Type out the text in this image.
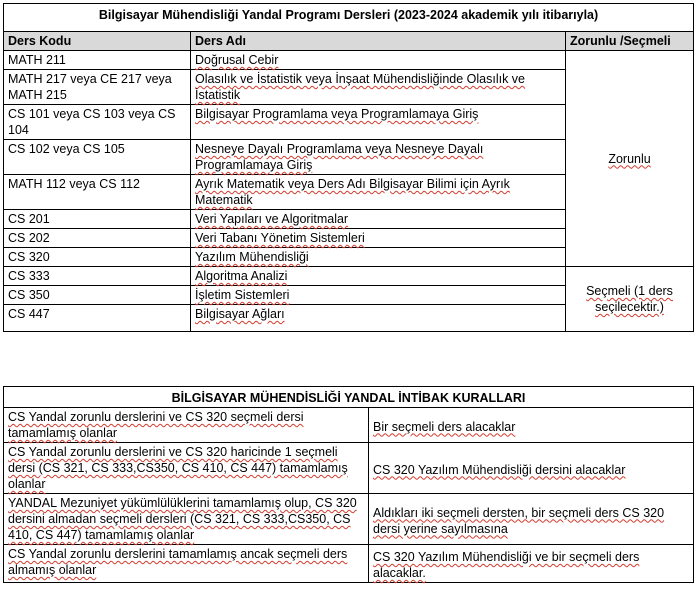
Bilgisayar Mühendisliği Yandal Programı Dersleri (2023-2024 akademik yılı itibarıyla)		
Ders Kodu	Ders Adı	Zorunlu /Seçmeli
MATH 211	Doğrusal Cebir	Zorunlu
MATH 217 veya CE 217 veya MATH 215	Olasılık ve İstatistik veya İnşaat Mühendisliğinde Olasılık ve İstatistik	
CS 101 veya CS 103 veya CS 104	Bilgisayar Programlama veya Programlamaya Giriş	
CS 102 veya CS 105	Nesneye Dayalı Programlama veya Nesneye Dayalı Programlamaya Giriş	
MATH 112 veya CS 112	Ayrık Matematik veya Ders Adı Bilgisayar Bilimi için Ayrık Matematik	
CS 201	Veri Yapıları ve Algoritmalar	
CS 202	Veri Tabanı Yönetim Sistemleri	
CS 320	Yazılım Mühendisliği	
CS 333	Algoritma Analizi	Seçmeli (1 ders seçilecektir.)
CS 350	İşletim Sistemleri	
CS 447	Bilgisayar Ağları	
BİLGİSAYAR MÜHENDİSLİĞİ YANDAL İNTİBAK KURALLARI	
CS Yandal zorunlu derslerini ve CS 320 seçmeli dersi tamamlamış olanlar	Bir seçmeli ders alacaklar
CS Yandal zorunlu derslerini ve CS 320 haricinde 1 seçmeli dersi (CS 321, CS 333,CS350, CS 410, CS 447) tamamlamış olanlar	CS 320 Yazılım Mühendisliği dersini alacaklar
YANDAL Mezuniyet yükümlülüklerini tamamlamış olup, CS 320 dersini almadan seçmeli dersleri (CS 321, CS 333,CS350, CS 410, CS 447) tamamlamış olanlar	Aldıkları iki seçmeli dersten, bir seçmeli ders CS 320 dersi yerine sayılmasına
CS Yandal zorunlu derslerini tamamlamış ancak seçmeli ders almamış olanlar	CS 320 Yazılım Mühendisliği ve bir seçmeli ders alacaklar.
